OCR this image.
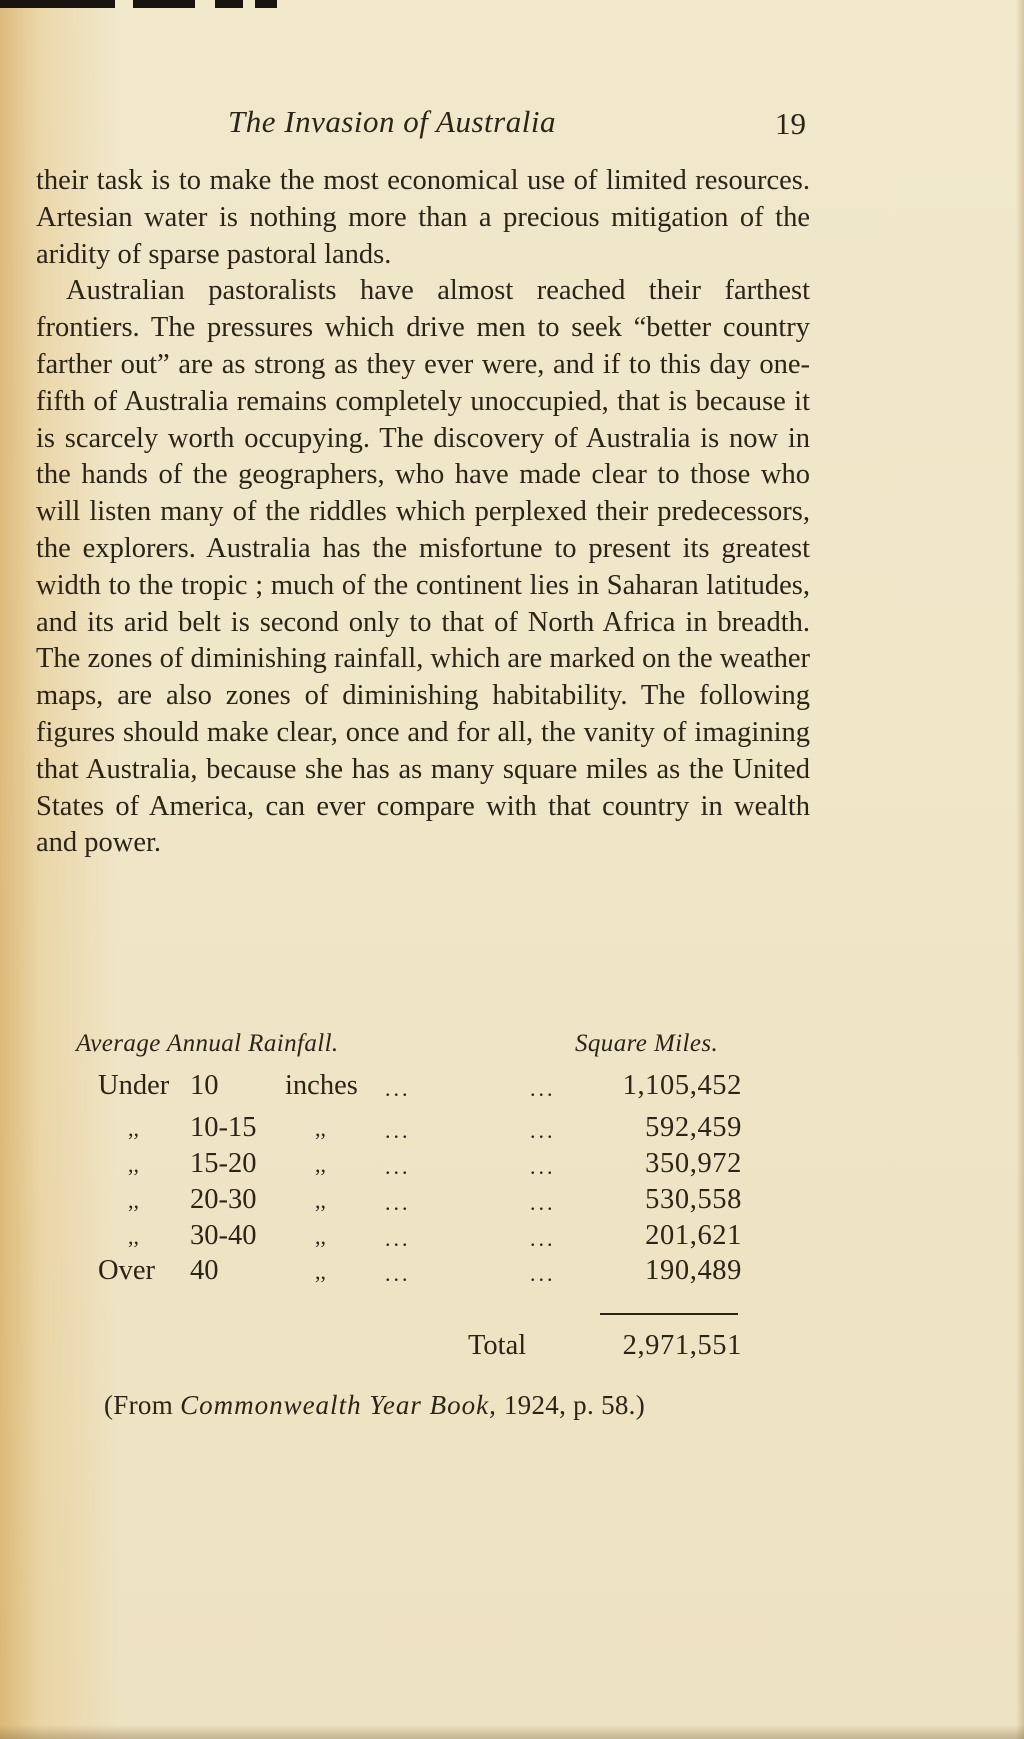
The Invasion of Australia	19

their task is to make the most economical use of limited resources. Artesian water is nothing more than a precious mitigation of the aridity of sparse pastoral lands.

Australian pastoralists have almost reached their farthest frontiers. The pressures which drive men to seek “better country farther out” are as strong as they ever were, and if to this day one-fifth of Australia remains completely unoccupied, that is because it is scarcely worth occupying. The discovery of Australia is now in the hands of the geographers, who have made clear to those who will listen many of the riddles which perplexed their predecessors, the explorers. Australia has the misfortune to present its greatest width to the tropic ; much of the continent lies in Saharan latitudes, and its arid belt is second only to that of North Africa in breadth. The zones of diminishing rainfall, which are marked on the weather maps, are also zones of diminishing habitability. The following figures should make clear, once and for all, the vanity of imagining that Australia, because she has as many square miles as the United States of America, can ever compare with that country in wealth and power.

Average Annual Rainfall.	Square Miles.
Under 10 inches ...	... 1,105,452
,, 10-15	,,	...	...	592,459
,, 15-20	,,	...	...	350,972
,, 20-30	,,	...	...	530,558
,, 30-40	,,	...	...	201,621
Over 40	,,	...	...	190,489
Total	2,971,551
(From Commonwealth Year Book, 1924, p. 58.)
